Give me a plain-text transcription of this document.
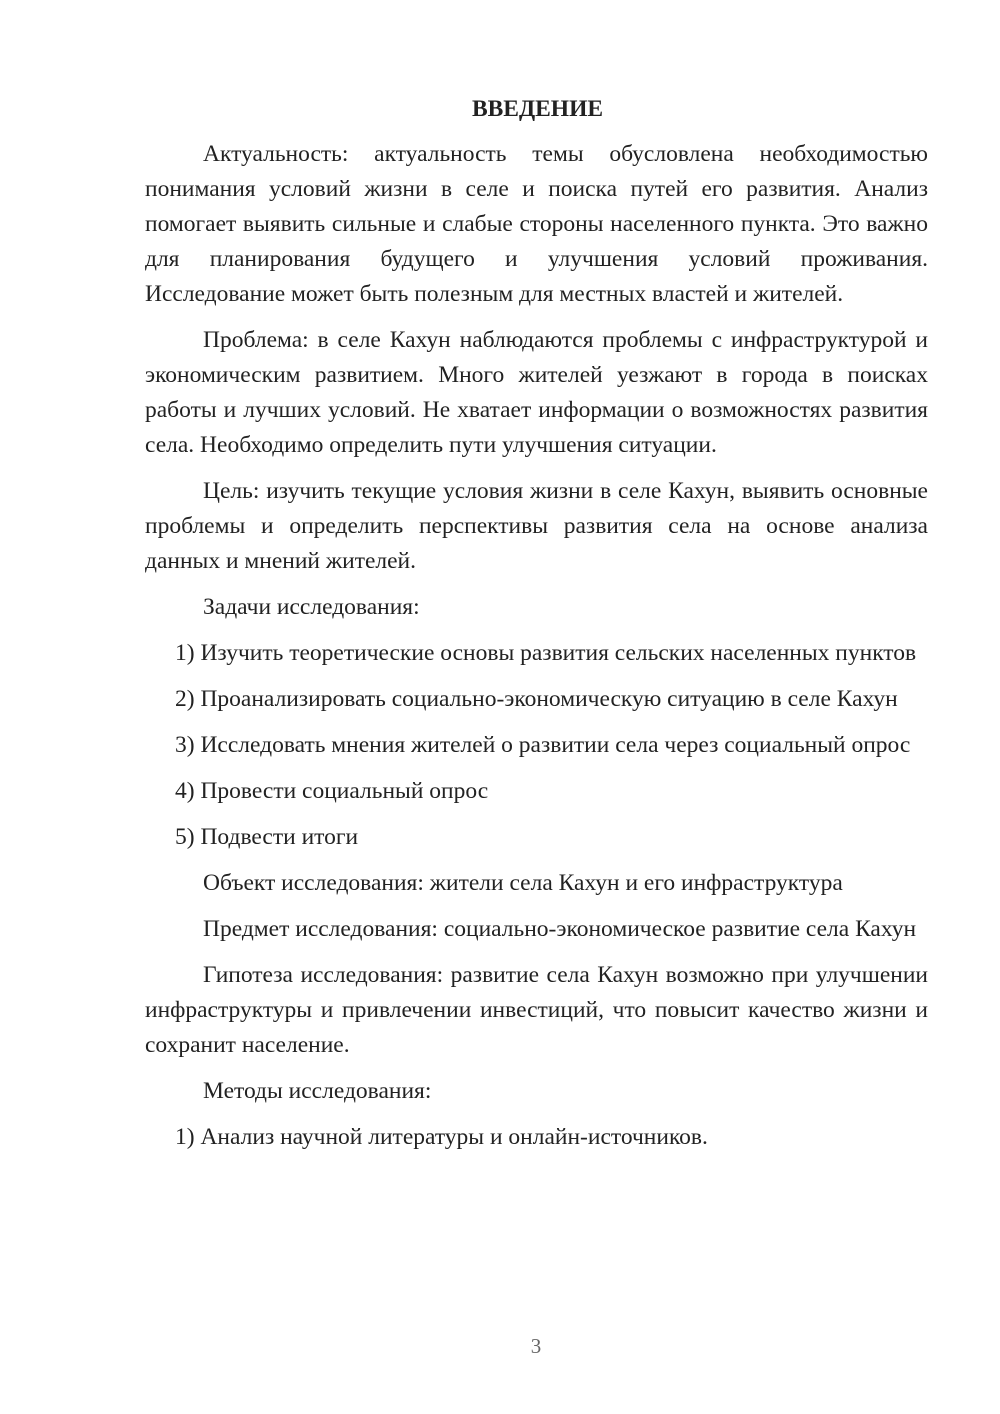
ВВЕДЕНИЕ

Актуальность: актуальность темы обусловлена необходимостью понимания условий жизни в селе и поиска путей его развития. Анализ помогает выявить сильные и слабые стороны населенного пункта. Это важно для планирования будущего и улучшения условий проживания. Исследование может быть полезным для местных властей и жителей.

Проблема: в селе Кахун наблюдаются проблемы с инфраструктурой и экономическим развитием. Много жителей уезжают в города в поисках работы и лучших условий. Не хватает информации о возможностях развития села. Необходимо определить пути улучшения ситуации.

Цель: изучить текущие условия жизни в селе Кахун, выявить основные проблемы и определить перспективы развития села на основе анализа данных и мнений жителей.

Задачи исследования:

1) Изучить теоретические основы развития сельских населенных пунктов

2) Проанализировать социально-экономическую ситуацию в селе Кахун

3) Исследовать мнения жителей о развитии села через социальный опрос

4) Провести социальный опрос

5) Подвести итоги

Объект исследования: жители села Кахун и его инфраструктура

Предмет исследования: социально-экономическое развитие села Кахун

Гипотеза исследования: развитие села Кахун возможно при улучшении инфраструктуры и привлечении инвестиций, что повысит качество жизни и сохранит население.

Методы исследования:

1) Анализ научной литературы и онлайн-источников.

3
